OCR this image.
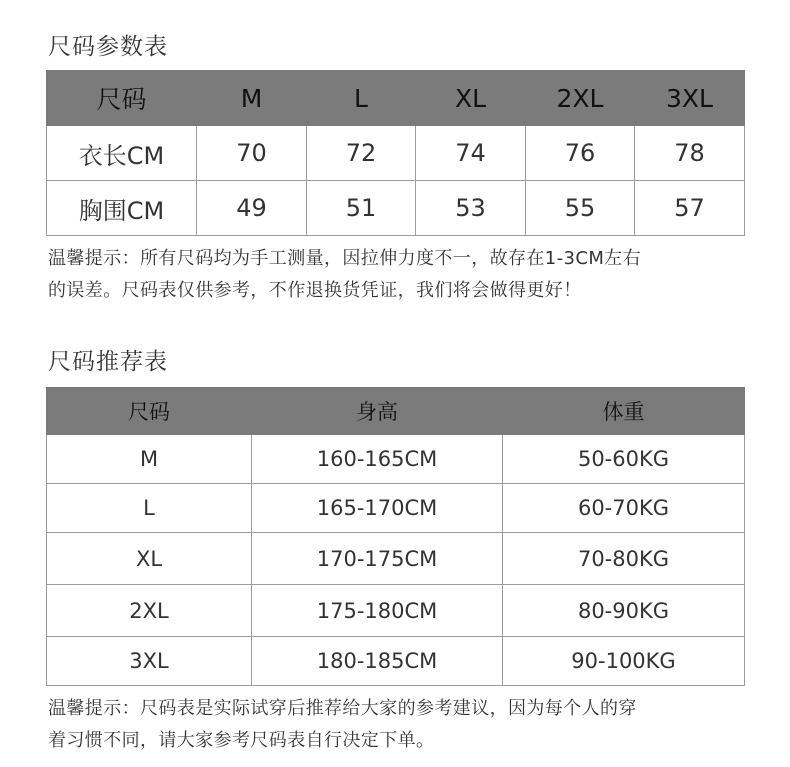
尺码参数表
尺码	M	L	XL	2XL	3XL
衣长CM	70	72	74	76	78
胸围CM	49	51	53	55	57
温馨提示：所有尺码均为手工测量，因拉伸力度不一，故存在1-3CM左右
的误差。尺码表仅供参考，不作退换货凭证，我们将会做得更好！
尺码推荐表
尺码	身高	体重
M	160-165CM	50-60KG
L	165-170CM	60-70KG
XL	170-175CM	70-80KG
2XL	175-180CM	80-90KG
3XL	180-185CM	90-100KG
温馨提示：尺码表是实际试穿后推荐给大家的参考建议，因为每个人的穿
着习惯不同，请大家参考尺码表自行决定下单。
